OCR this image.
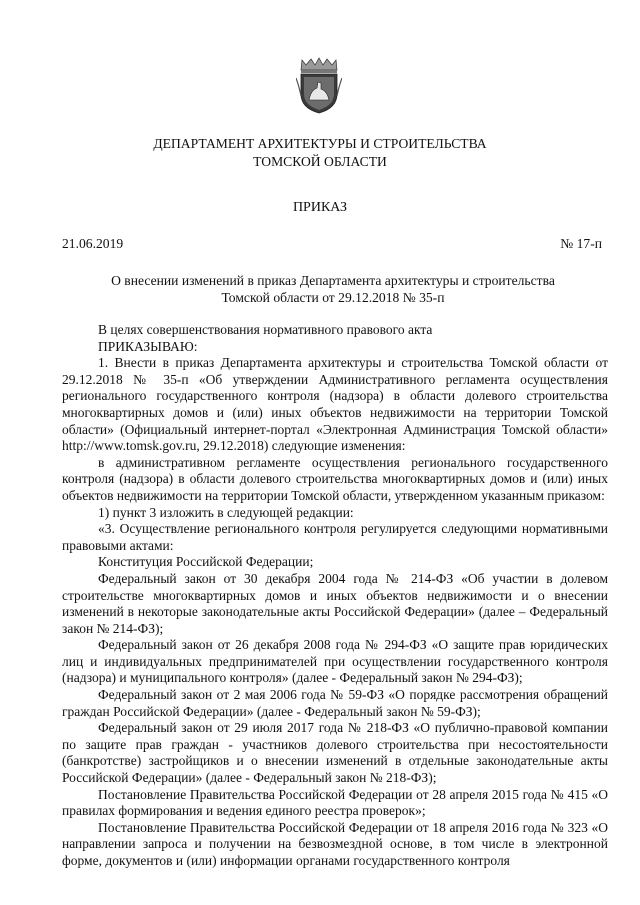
ДЕПАРТАМЕНТ АРХИТЕКТУРЫ И СТРОИТЕЛЬСТВА
ТОМСКОЙ ОБЛАСТИ
ПРИКАЗ
21.06.2019	№ 17-п
О внесении изменений в приказ Департамента архитектуры и строительства
Томской области от 29.12.2018 № 35-п

В целях совершенствования нормативного правового акта

ПРИКАЗЫВАЮ:

1. Внести в приказ Департамента архитектуры и строительства Томской области от 29.12.2018 № 35-п «Об утверждении Административного регламента осуществления регионального государственного контроля (надзора) в области долевого строительства многоквартирных домов и (или) иных объектов недвижимости на территории Томской области» (Официальный интернет-портал «Электронная Администрация Томской области» http://www.tomsk.gov.ru, 29.12.2018) следующие изменения:

в административном регламенте осуществления регионального государственного контроля (надзора) в области долевого строительства многоквартирных домов и (или) иных объектов недвижимости на территории Томской области, утвержденном указанным приказом:

1) пункт 3 изложить в следующей редакции:

«3. Осуществление регионального контроля регулируется следующими нормативными правовыми актами:

Конституция Российской Федерации;

Федеральный закон от 30 декабря 2004 года № 214-ФЗ «Об участии в долевом строительстве многоквартирных домов и иных объектов недвижимости и о внесении изменений в некоторые законодательные акты Российской Федерации» (далее – Федеральный закон № 214-ФЗ);

Федеральный закон от 26 декабря 2008 года № 294-ФЗ «О защите прав юридических лиц и индивидуальных предпринимателей при осуществлении государственного контроля (надзора) и муниципального контроля» (далее - Федеральный закон № 294-ФЗ);

Федеральный закон от 2 мая 2006 года № 59-ФЗ «О порядке рассмотрения обращений граждан Российской Федерации» (далее - Федеральный закон № 59-ФЗ);

Федеральный закон от 29 июля 2017 года № 218-ФЗ «О публично-правовой компании по защите прав граждан - участников долевого строительства при несостоятельности (банкротстве) застройщиков и о внесении изменений в отдельные законодательные акты Российской Федерации» (далее - Федеральный закон № 218-ФЗ);

Постановление Правительства Российской Федерации от 28 апреля 2015 года № 415 «О правилах формирования и ведения единого реестра проверок»;

Постановление Правительства Российской Федерации от 18 апреля 2016 года № 323 «О направлении запроса и получении на безвозмездной основе, в том числе в электронной форме, документов и (или) информации органами государственного контроля
